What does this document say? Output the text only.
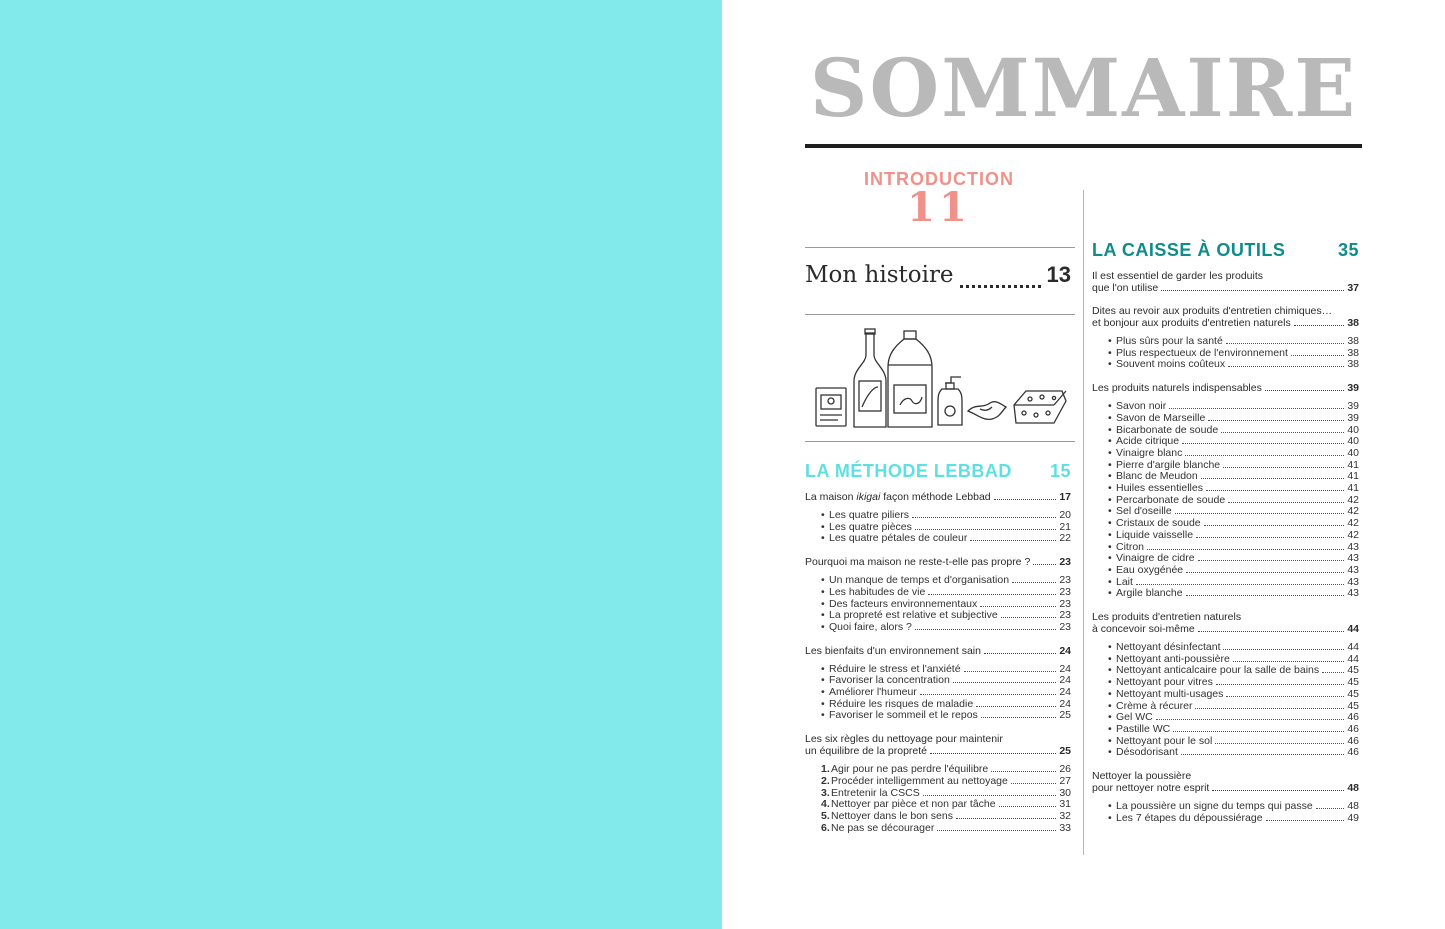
SOMMAIRE
INTRODUCTION
11
Mon histoire	13
LA MÉTHODE LEBBAD 15
La maison ikigai façon méthode Lebbad	17
• Les quatre piliers	20
• Les quatre pièces	21
• Les quatre pétales de couleur	22
Pourquoi ma maison ne reste-t-elle pas propre ?	23
• Un manque de temps et d'organisation	23
• Les habitudes de vie	23
• Des facteurs environnementaux	23
• La propreté est relative et subjective	23
• Quoi faire, alors ?	23
Les bienfaits d'un environnement sain	24
• Réduire le stress et l'anxiété	24
• Favoriser la concentration	24
• Améliorer l'humeur	24
• Réduire les risques de maladie	24
• Favoriser le sommeil et le repos	25
Les six règles du nettoyage pour maintenir
un équilibre de la propreté	25
1. Agir pour ne pas perdre l'équilibre	26
2. Procéder intelligemment au nettoyage	27
3. Entretenir la CSCS	30
4. Nettoyer par pièce et non par tâche	31
5. Nettoyer dans le bon sens	32
6. Ne pas se décourager	33
LA CAISSE À OUTILS	35
Il est essentiel de garder les produits
que l'on utilise	37
Dites au revoir aux produits d'entretien chimiques…
et bonjour aux produits d'entretien naturels	38
• Plus sûrs pour la santé	38
• Plus respectueux de l'environnement	38
• Souvent moins coûteux	38
Les produits naturels indispensables	39
• Savon noir	39
• Savon de Marseille	39
• Bicarbonate de soude	40
• Acide citrique	40
• Vinaigre blanc	40
• Pierre d'argile blanche	41
• Blanc de Meudon	41
• Huiles essentielles	41
• Percarbonate de soude	42
• Sel d'oseille	42
• Cristaux de soude	42
• Liquide vaisselle	42
• Citron	43
• Vinaigre de cidre	43
• Eau oxygénée	43
• Lait	43
• Argile blanche	43
Les produits d'entretien naturels
à concevoir soi-même	44
• Nettoyant désinfectant	44
• Nettoyant anti-poussière	44
• Nettoyant anticalcaire pour la salle de bains	45
• Nettoyant pour vitres	45
• Nettoyant multi-usages	45
• Crème à récurer	45
• Gel WC	46
• Pastille WC	46
• Nettoyant pour le sol	46
• Désodorisant	46
Nettoyer la poussière
pour nettoyer notre esprit	48
• La poussière un signe du temps qui passe	48
• Les 7 étapes du dépoussiérage	49
